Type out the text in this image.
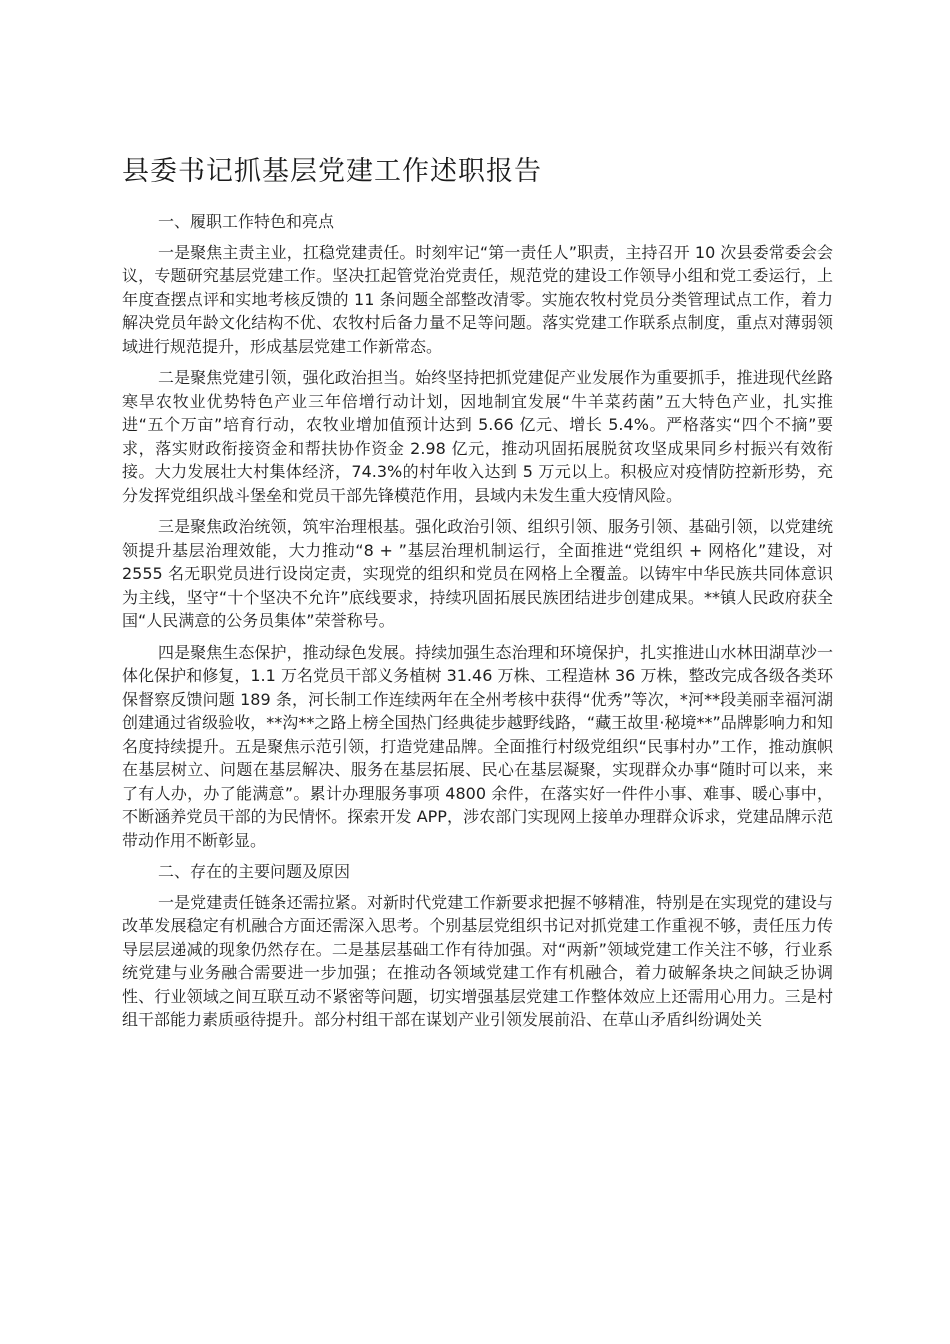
县委书记抓基层党建工作述职报告

一、履职工作特色和亮点

一是聚焦主责主业，扛稳党建责任。时刻牢记“第一责任人”职责，主持召开 10 次县委常委会会议，专题研究基层党建工作。坚决扛起管党治党责任，规范党的建设工作领导小组和党工委运行，上年度查摆点评和实地考核反馈的 11 条问题全部整改清零。实施农牧村党员分类管理试点工作，着力解决党员年龄文化结构不优、农牧村后备力量不足等问题。落实党建工作联系点制度，重点对薄弱领域进行规范提升，形成基层党建工作新常态。

二是聚焦党建引领，强化政治担当。始终坚持把抓党建促产业发展作为重要抓手，推进现代丝路寒旱农牧业优势特色产业三年倍增行动计划，因地制宜发展“牛羊菜药菌”五大特色产业，扎实推进“五个万亩”培育行动，农牧业增加值预计达到 5.66 亿元、增长 5.4%。严格落实“四个不摘”要求，落实财政衔接资金和帮扶协作资金 2.98 亿元，推动巩固拓展脱贫攻坚成果同乡村振兴有效衔接。大力发展壮大村集体经济，74.3%的村年收入达到 5 万元以上。积极应对疫情防控新形势，充分发挥党组织战斗堡垒和党员干部先锋模范作用，县域内未发生重大疫情风险。

三是聚焦政治统领，筑牢治理根基。强化政治引领、组织引领、服务引领、基础引领，以党建统领提升基层治理效能，大力推动“8 + ”基层治理机制运行，全面推进“党组织 + 网格化”建设，对 2555 名无职党员进行设岗定责，实现党的组织和党员在网格上全覆盖。以铸牢中华民族共同体意识为主线，坚守“十个坚决不允许”底线要求，持续巩固拓展民族团结进步创建成果。**镇人民政府获全国“人民满意的公务员集体”荣誉称号。

四是聚焦生态保护，推动绿色发展。持续加强生态治理和环境保护，扎实推进山水林田湖草沙一体化保护和修复，1.1 万名党员干部义务植树 31.46 万株、工程造林 36 万株，整改完成各级各类环保督察反馈问题 189 条，河长制工作连续两年在全州考核中获得“优秀”等次，*河**段美丽幸福河湖创建通过省级验收，**沟**之路上榜全国热门经典徒步越野线路，“藏王故里·秘境**”品牌影响力和知名度持续提升。五是聚焦示范引领，打造党建品牌。全面推行村级党组织“民事村办”工作，推动旗帜在基层树立、问题在基层解决、服务在基层拓展、民心在基层凝聚，实现群众办事“随时可以来，来了有人办，办了能满意”。累计办理服务事项 4800 余件，在落实好一件件小事、难事、暖心事中，不断涵养党员干部的为民情怀。探索开发 APP，涉农部门实现网上接单办理群众诉求，党建品牌示范带动作用不断彰显。

二、存在的主要问题及原因

一是党建责任链条还需拉紧。对新时代党建工作新要求把握不够精准，特别是在实现党的建设与改革发展稳定有机融合方面还需深入思考。个别基层党组织书记对抓党建工作重视不够，责任压力传导层层递减的现象仍然存在。二是基层基础工作有待加强。对“两新”领域党建工作关注不够，行业系统党建与业务融合需要进一步加强；在推动各领域党建工作有机融合，着力破解条块之间缺乏协调性、行业领域之间互联互动不紧密等问题，切实增强基层党建工作整体效应上还需用心用力。三是村组干部能力素质亟待提升。部分村组干部在谋划产业引领发展前沿、在草山矛盾纠纷调处关
